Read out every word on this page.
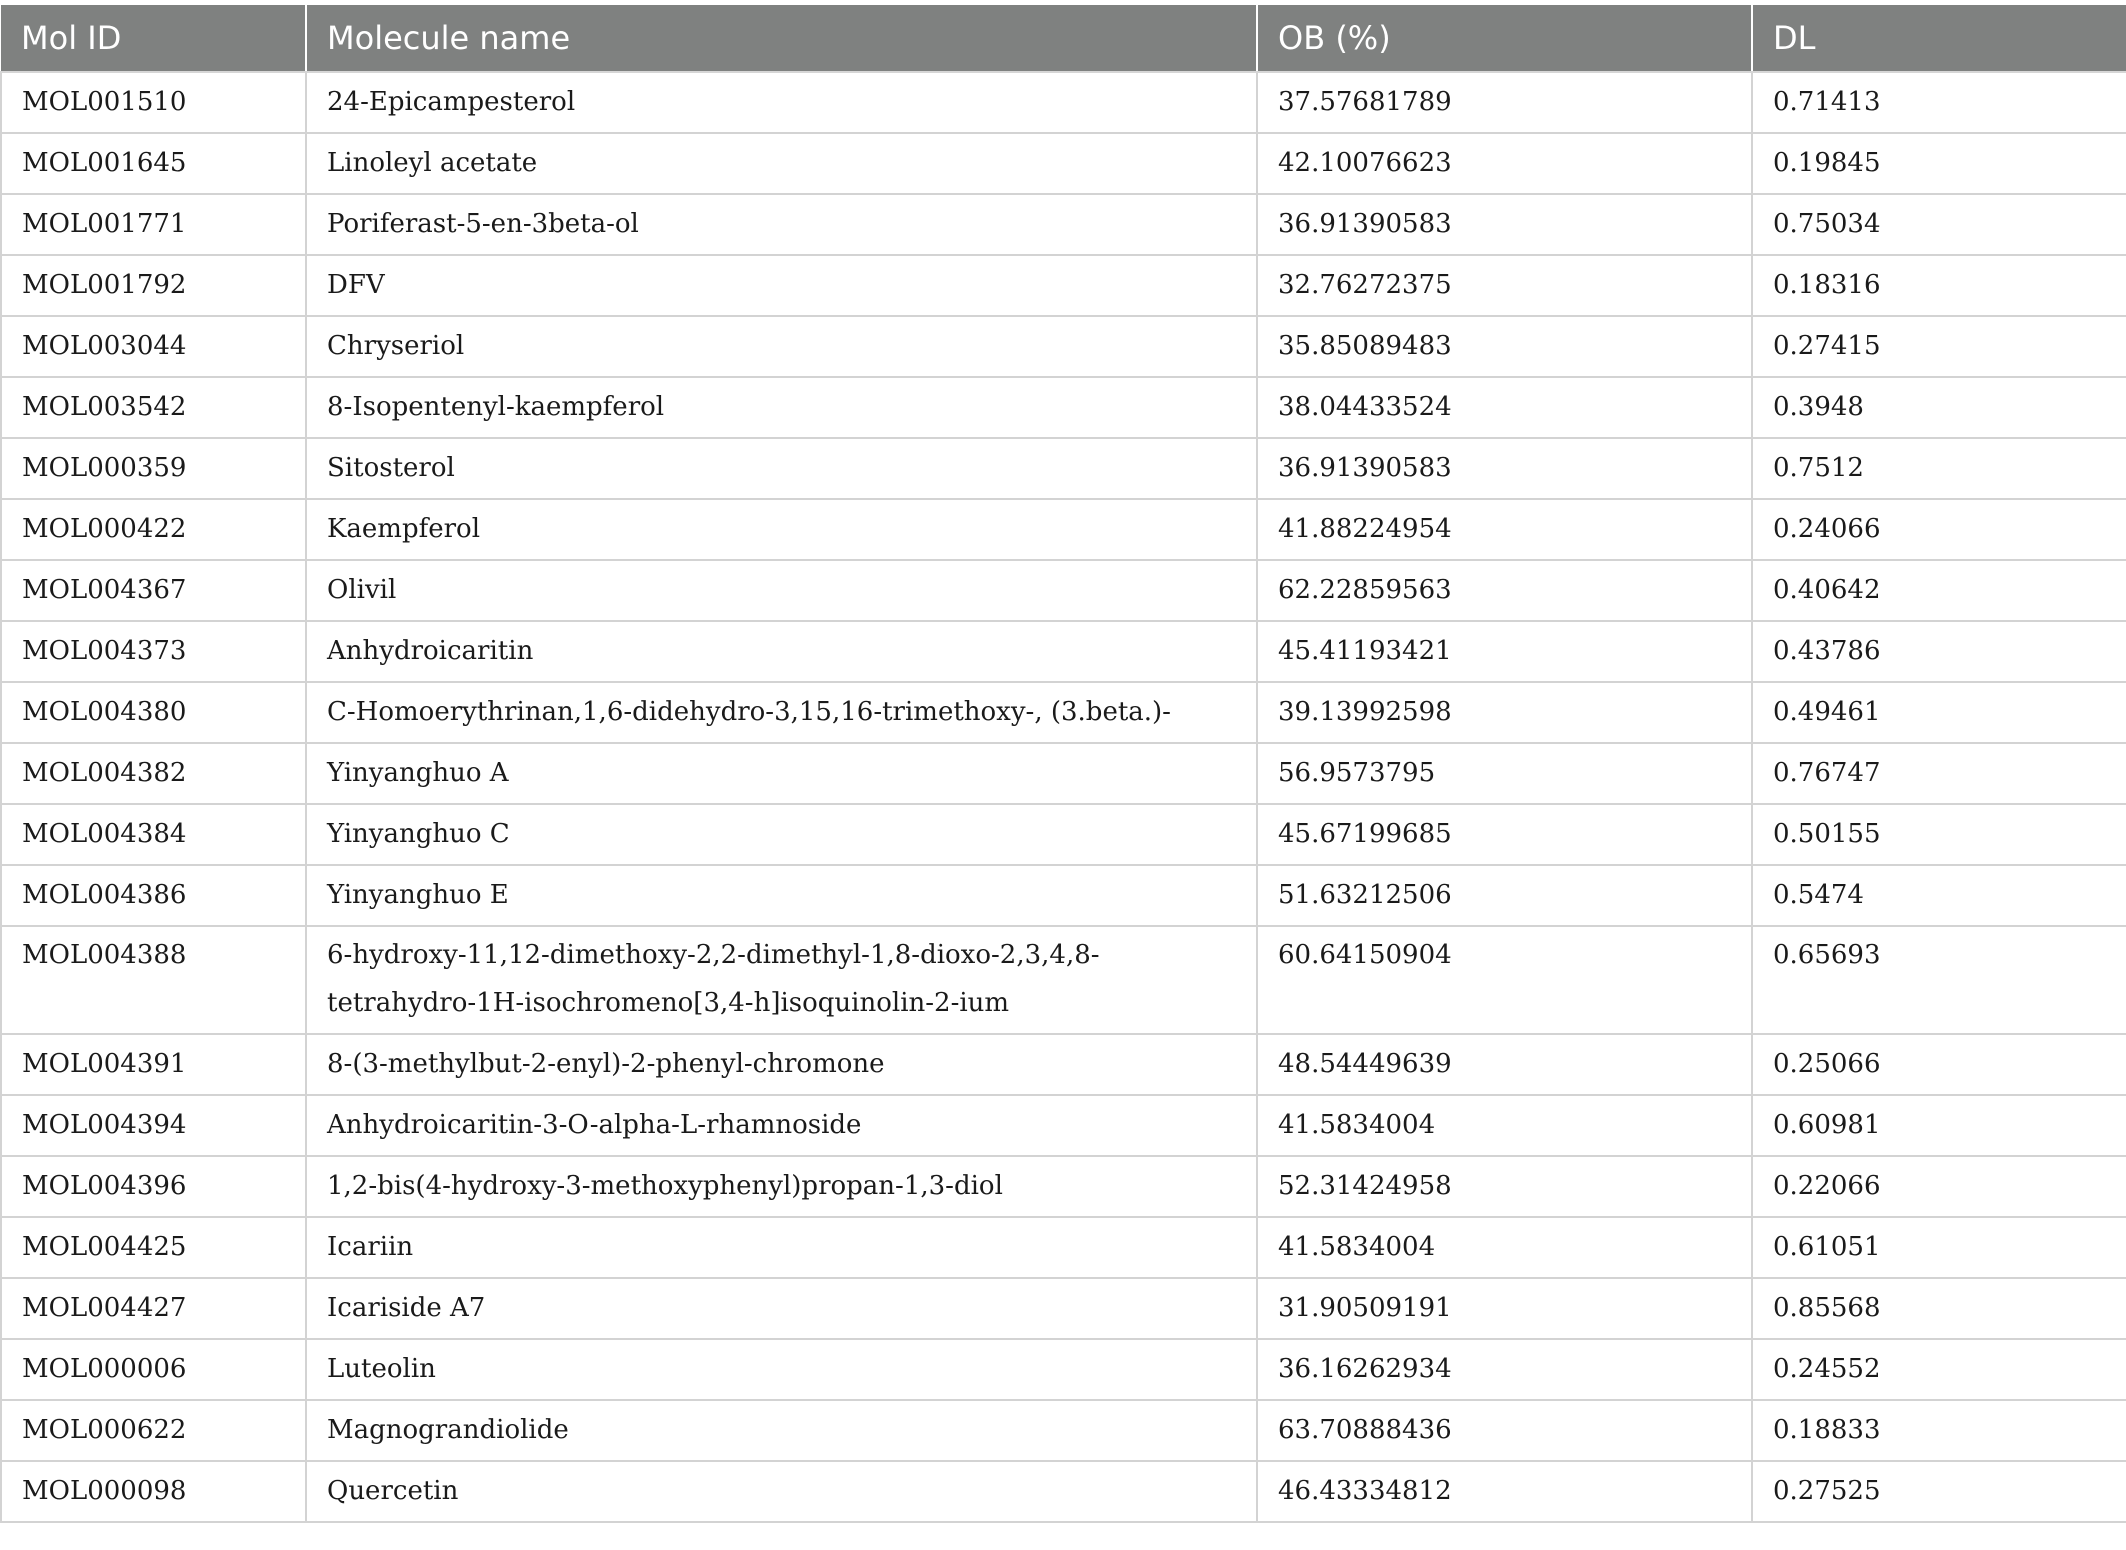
Mol ID	Molecule name	OB (%)	DL

MOL001510	24-Epicampesterol	37.57681789	0.71413

MOL001645	Linoleyl acetate	42.10076623	0.19845

MOL001771	Poriferast-5-en-3beta-ol	36.91390583	0.75034

MOL001792	DFV	32.76272375	0.18316

MOL003044	Chryseriol	35.85089483	0.27415

MOL003542	8-Isopentenyl-kaempferol	38.04433524	0.3948

MOL000359	Sitosterol	36.91390583	0.7512

MOL000422	Kaempferol	41.88224954	0.24066

MOL004367	Olivil	62.22859563	0.40642

MOL004373	Anhydroicaritin	45.41193421	0.43786

MOL004380	C-Homoerythrinan,1,6-didehydro-3,15,16-trimethoxy-, (3.beta.)-	39.13992598	0.49461

MOL004382	Yinyanghuo A	56.9573795	0.76747

MOL004384	Yinyanghuo C	45.67199685	0.50155

MOL004386	Yinyanghuo E	51.63212506	0.5474

MOL004388	6-hydroxy-11,12-dimethoxy-2,2-dimethyl-1,8-dioxo-2,3,4,8-tetrahydro-1H-isochromeno[3,4-h]isoquinolin-2-ium	60.64150904	0.65693

MOL004391	8-(3-methylbut-2-enyl)-2-phenyl-chromone	48.54449639	0.25066

MOL004394	Anhydroicaritin-3-O-alpha-L-rhamnoside	41.5834004	0.60981

MOL004396	1,2-bis(4-hydroxy-3-methoxyphenyl)propan-1,3-diol	52.31424958	0.22066

MOL004425	Icariin	41.5834004	0.61051

MOL004427	Icariside A7	31.90509191	0.85568

MOL000006	Luteolin	36.16262934	0.24552

MOL000622	Magnograndiolide	63.70888436	0.18833

MOL000098	Quercetin	46.43334812	0.27525
